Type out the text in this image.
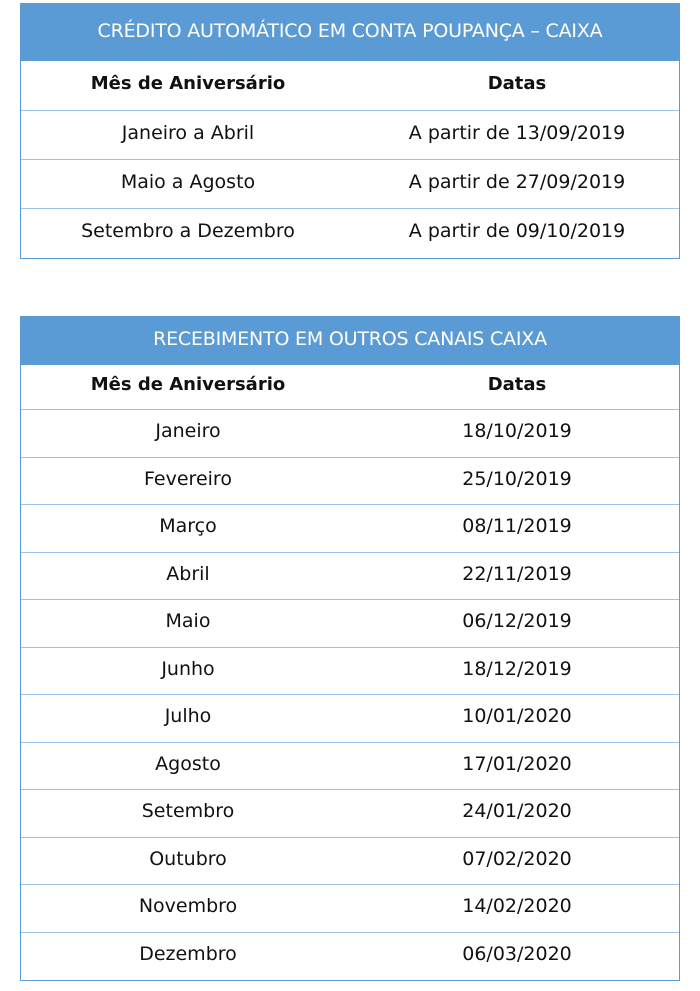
CRÉDITO AUTOMÁTICO EM CONTA POUPANÇA – CAIXA
Mês de Aniversário	Datas
Janeiro a Abril	A partir de 13/09/2019
Maio a Agosto	A partir de 27/09/2019
Setembro a Dezembro	A partir de 09/10/2019
RECEBIMENTO EM OUTROS CANAIS CAIXA
Mês de Aniversário	Datas
Janeiro	18/10/2019
Fevereiro	25/10/2019
Março	08/11/2019
Abril	22/11/2019
Maio	06/12/2019
Junho	18/12/2019
Julho	10/01/2020
Agosto	17/01/2020
Setembro	24/01/2020
Outubro	07/02/2020
Novembro	14/02/2020
Dezembro	06/03/2020
